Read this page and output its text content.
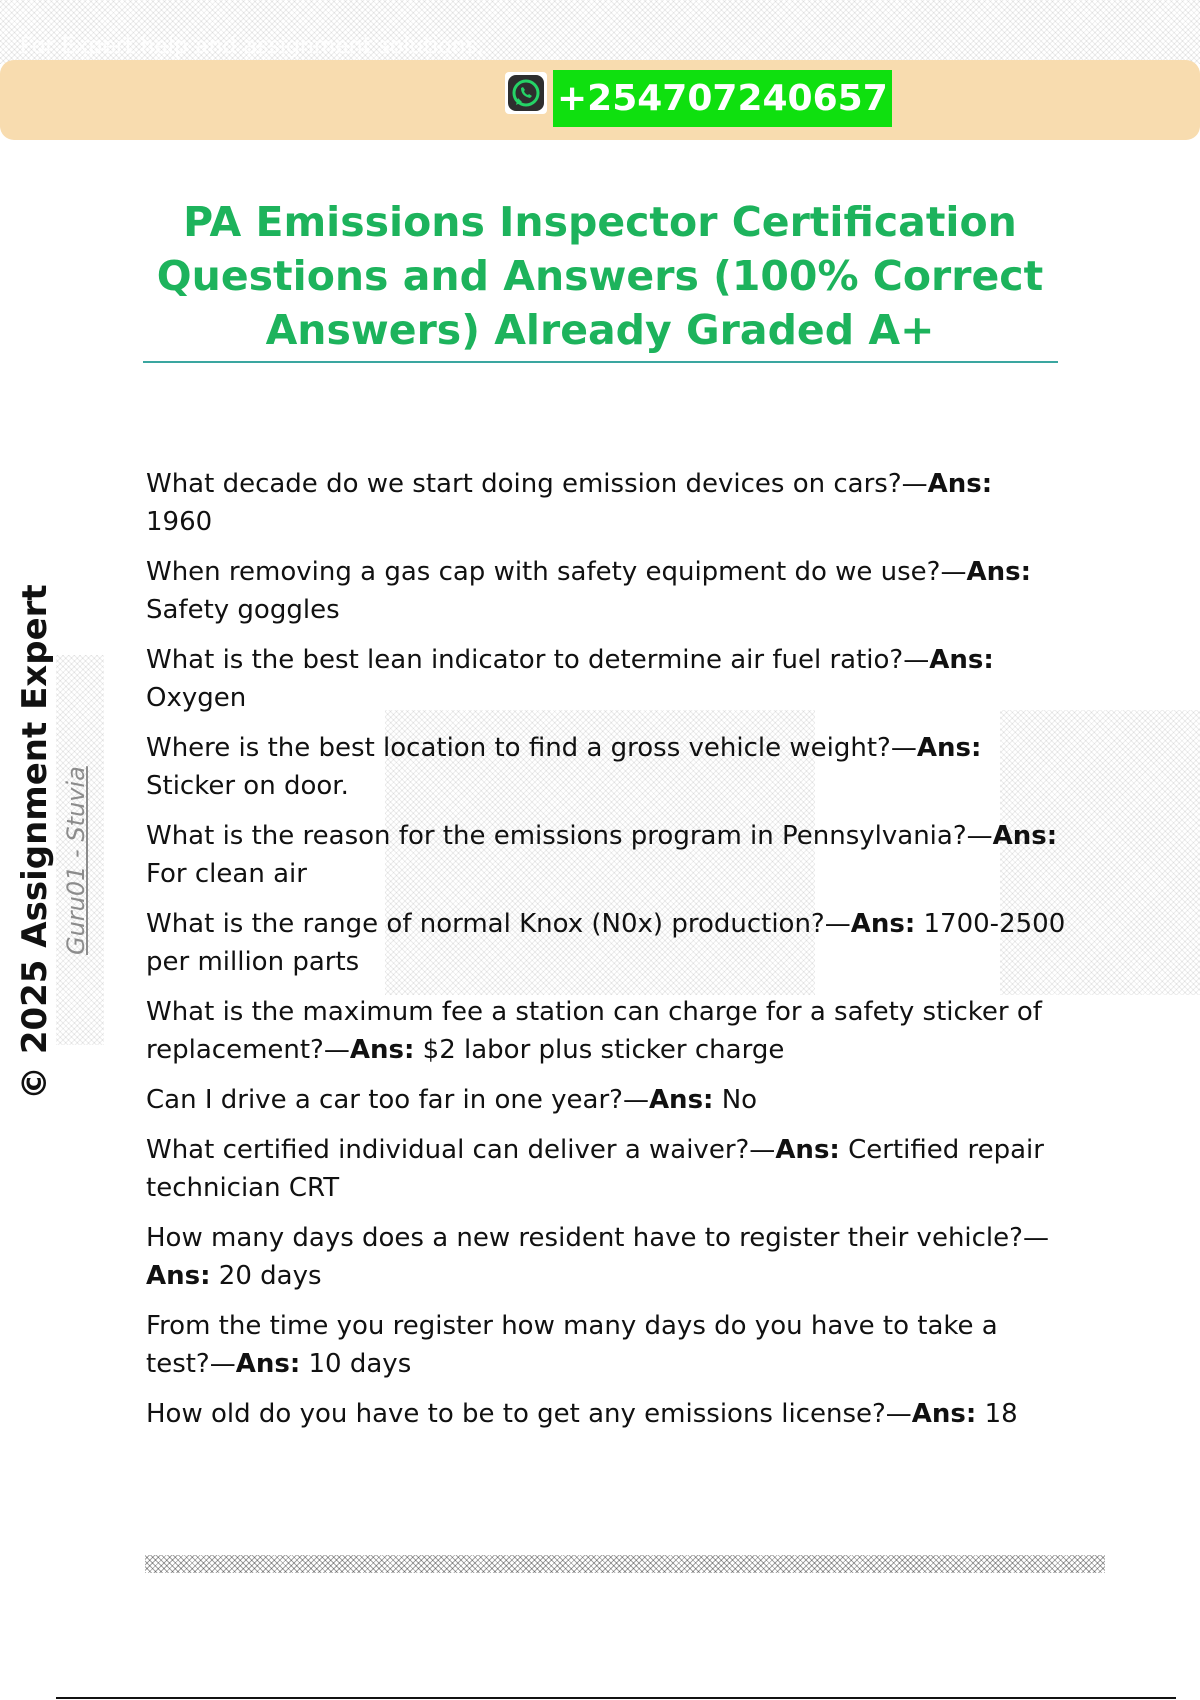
For Expert help and assignment solutions,
+254707240657
PA Emissions Inspector Certification Questions and Answers (100% Correct Answers) Already Graded A+

What decade do we start doing emission devices on cars?—Ans: 1960

When removing a gas cap with safety equipment do we use?—Ans: Safety goggles

What is the best lean indicator to determine air fuel ratio?—Ans: Oxygen

Where is the best location to find a gross vehicle weight?—Ans: Sticker on door.

What is the reason for the emissions program in Pennsylvania?—Ans: For clean air

What is the range of normal Knox (N0x) production?—Ans: 1700-2500 per million parts

What is the maximum fee a station can charge for a safety sticker of replacement?—Ans: $2 labor plus sticker charge

Can I drive a car too far in one year?—Ans: No

What certified individual can deliver a waiver?—Ans: Certified repair technician CRT

How many days does a new resident have to register their vehicle?—Ans: 20 days

From the time you register how many days do you have to take a test?—Ans: 10 days

How old do you have to be to get any emissions license?—Ans: 18

© 2025 Assignment Expert Guru01 - Stuvia
